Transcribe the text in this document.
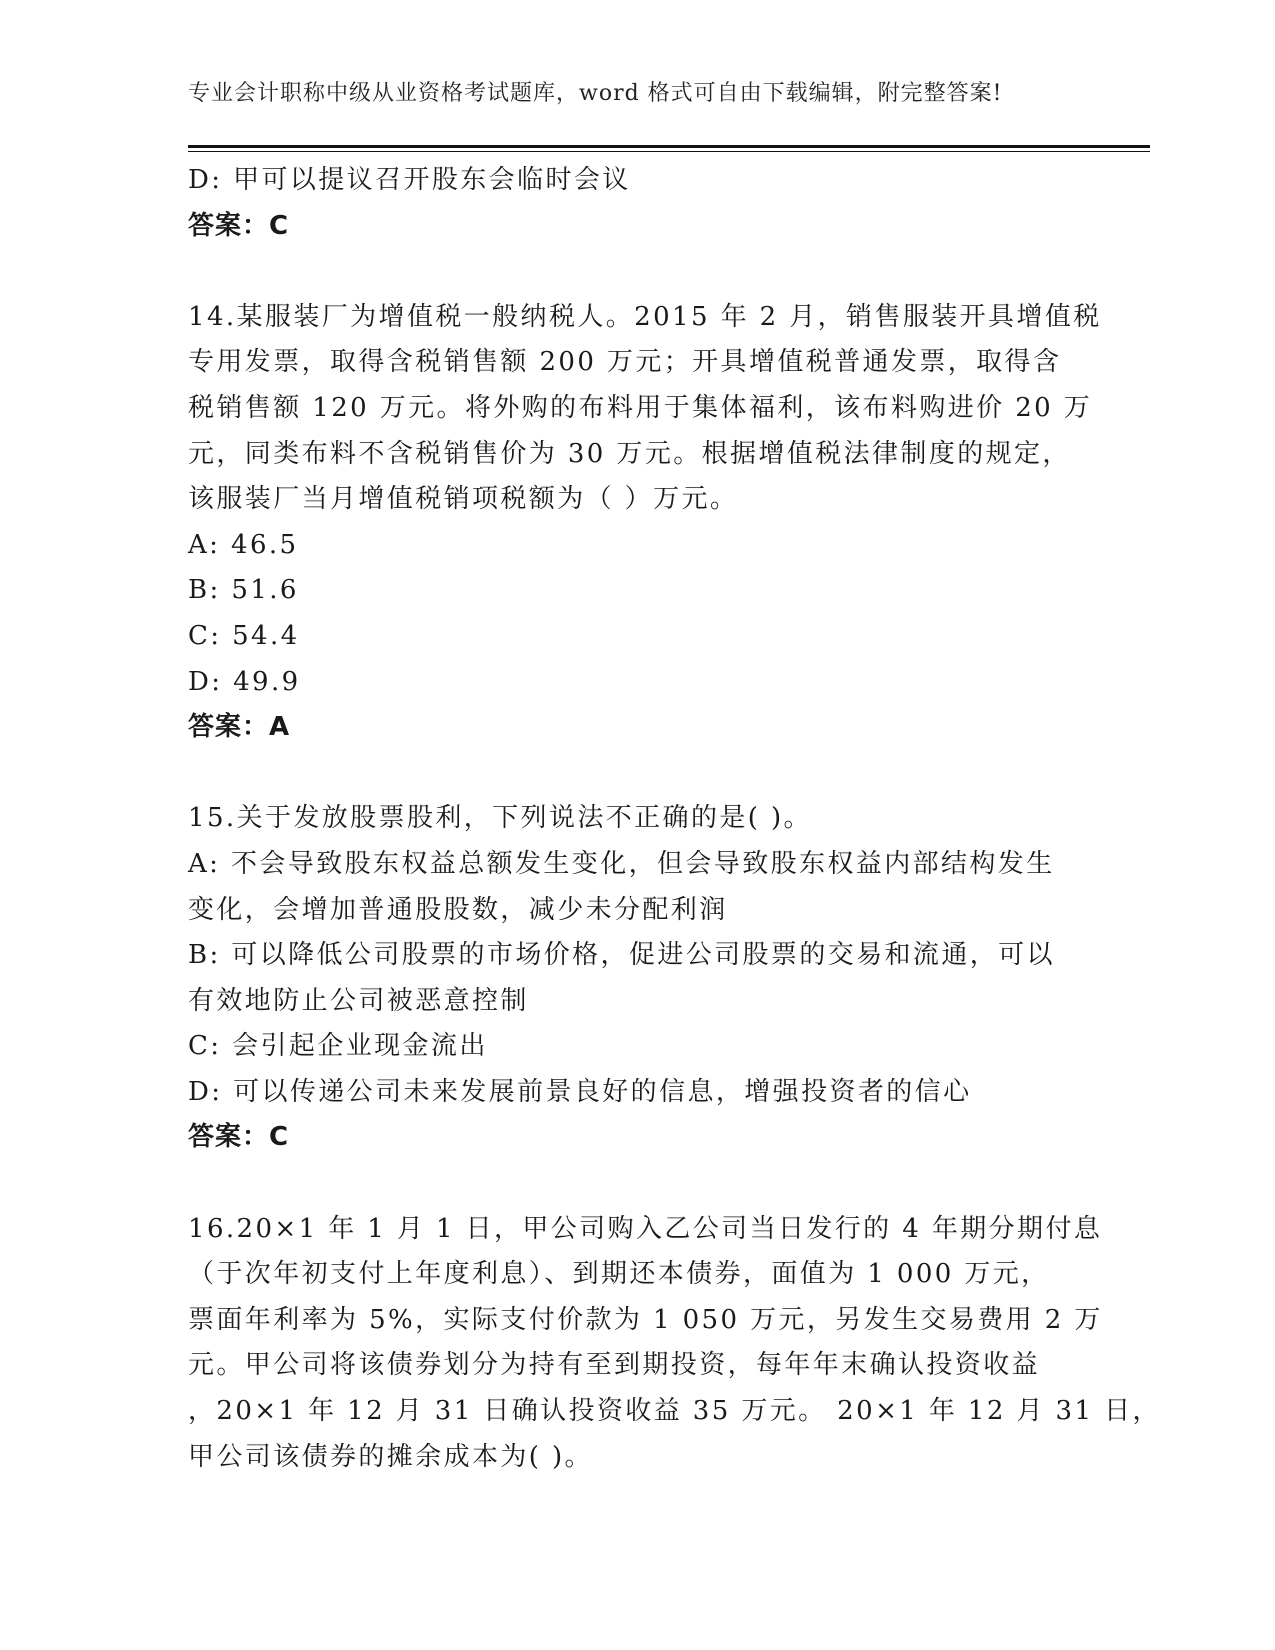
专业会计职称中级从业资格考试题库，word 格式可自由下载编辑，附完整答案!
D: 甲可以提议召开股东会临时会议
答案：C
14.某服装厂为增值税一般纳税人。2015 年 2 月，销售服装开具增值税
专用发票，取得含税销售额 200 万元；开具增值税普通发票，取得含
税销售额 120 万元。将外购的布料用于集体福利，该布料购进价 20 万
元，同类布料不含税销售价为 30 万元。根据增值税法律制度的规定，
该服装厂当月增值税销项税额为（ ）万元。
A: 46.5
B: 51.6
C: 54.4
D: 49.9
答案：A
15.关于发放股票股利，下列说法不正确的是( )。
A: 不会导致股东权益总额发生变化，但会导致股东权益内部结构发生
变化，会增加普通股股数，减少未分配利润
B: 可以降低公司股票的市场价格，促进公司股票的交易和流通，可以
有效地防止公司被恶意控制
C: 会引起企业现金流出
D: 可以传递公司未来发展前景良好的信息，增强投资者的信心
答案：C
16.20×1 年 1 月 1 日，甲公司购入乙公司当日发行的 4 年期分期付息
（于次年初支付上年度利息）、到期还本债券，面值为 1 000 万元，
票面年利率为 5%，实际支付价款为 1 050 万元，另发生交易费用 2 万
元。甲公司将该债券划分为持有至到期投资，每年年末确认投资收益
，20×1 年 12 月 31 日确认投资收益 35 万元。 20×1 年 12 月 31 日，
甲公司该债券的摊余成本为( )。
